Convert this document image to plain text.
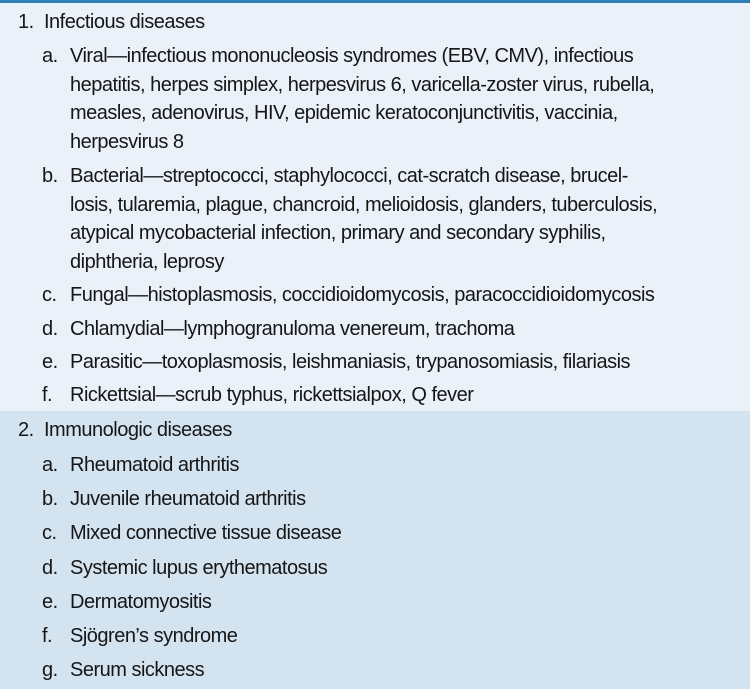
1. Infectious diseases
a. Viral—infectious mononucleosis syndromes (EBV, CMV), infectious
hepatitis, herpes simplex, herpesvirus 6, varicella-zoster virus, rubella,
measles, adenovirus, HIV, epidemic keratoconjunctivitis, vaccinia,
herpesvirus 8
b. Bacterial—streptococci, staphylococci, cat-scratch disease, brucel-
losis, tularemia, plague, chancroid, melioidosis, glanders, tuberculosis,
atypical mycobacterial infection, primary and secondary syphilis,
diphtheria, leprosy
c. Fungal—histoplasmosis, coccidioidomycosis, paracoccidioidomycosis
d. Chlamydial—lymphogranuloma venereum, trachoma
e. Parasitic—toxoplasmosis, leishmaniasis, trypanosomiasis, filariasis
f. Rickettsial—scrub typhus, rickettsialpox, Q fever
2. Immunologic diseases
a. Rheumatoid arthritis
b. Juvenile rheumatoid arthritis
c. Mixed connective tissue disease
d. Systemic lupus erythematosus
e. Dermatomyositis
f. Sjögren’s syndrome
g. Serum sickness
